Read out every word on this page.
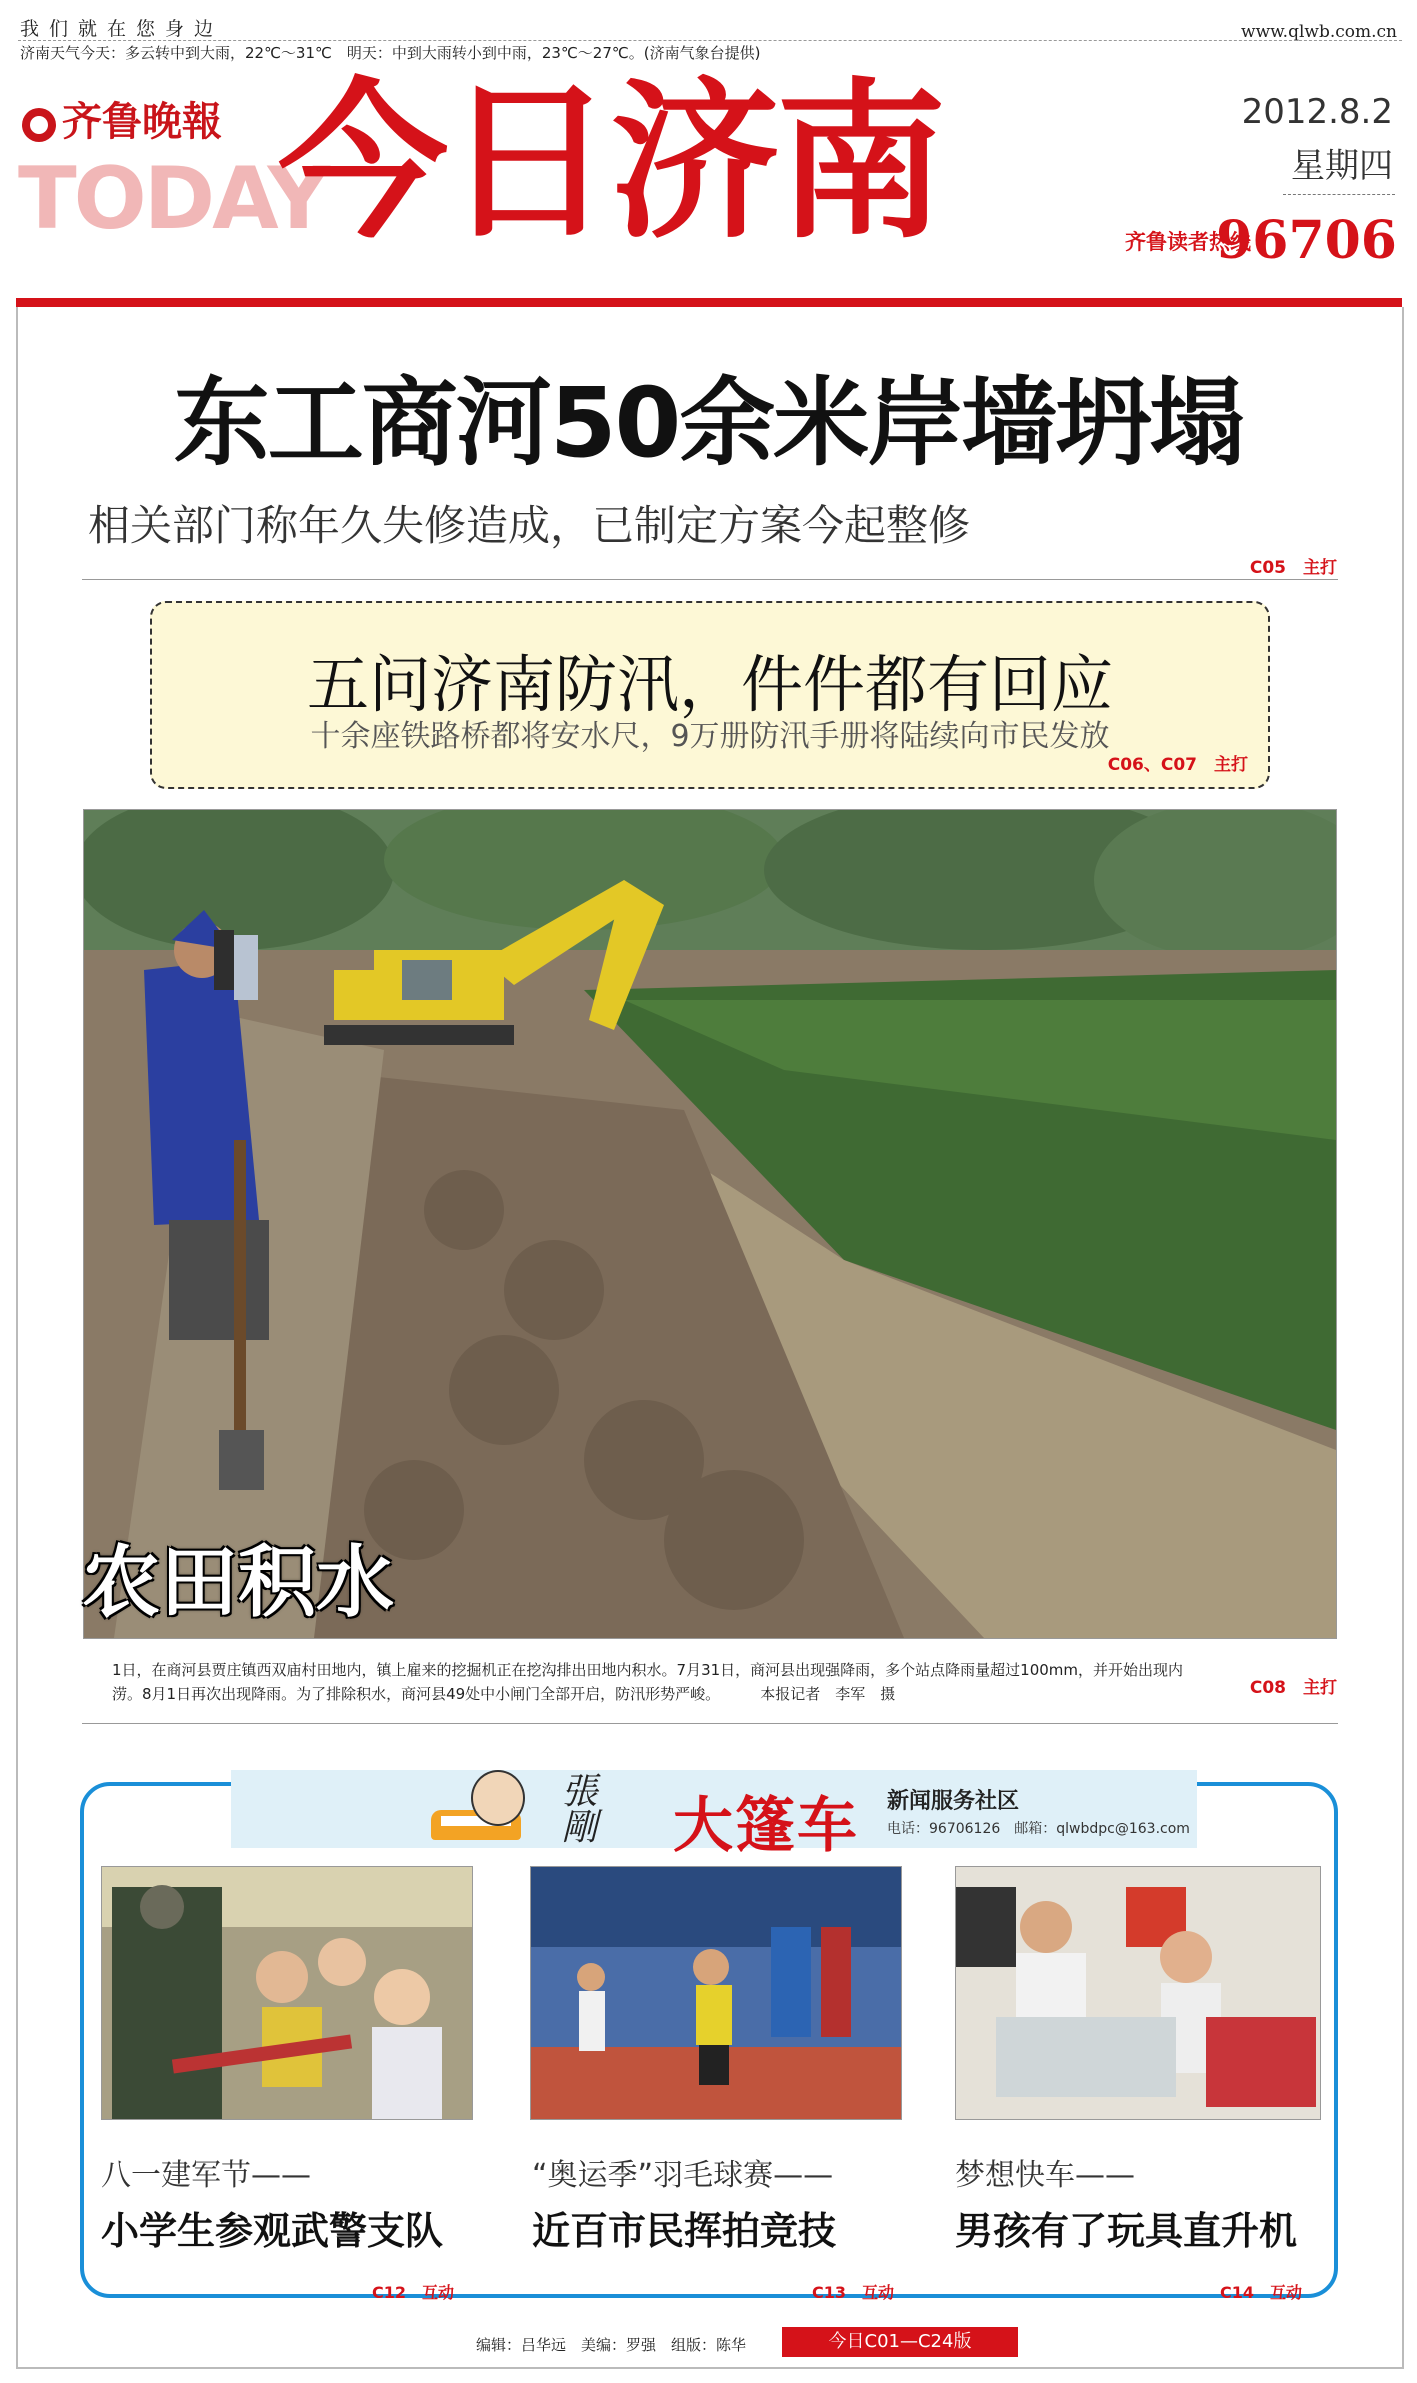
我们就在您身边	www.qlwb.com.cn
济南天气今天：多云转中到大雨，22℃～31℃　明天：中到大雨转小到中雨，23℃～27℃。(济南气象台提供)
齐鲁晚報
TODAY
今日济南	2012.8.2
星期四
齐鲁读者热线
96706
东工商河50余米岸墙坍塌
相关部门称年久失修造成，已制定方案今起整修
C05　主打
五问济南防汛，件件都有回应
十余座铁路桥都将安水尺，9万册防汛手册将陆续向市民发放
C06、C07　主打
农田积水
1日，在商河县贾庄镇西双庙村田地内，镇上雇来的挖掘机正在挖沟排出田地内积水。7月31日，商河县出现强降雨，多个站点降雨量超过100mm，并开始出现内涝。8月1日再次出现降雨。为了排除积水，商河县49处中小闸门全部开启，防汛形势严峻。	本报记者　李军　摄	C08　主打
張剛 大篷车 新闻服务社区
电话：96706126　邮箱：qlwbdpc@163.com
八一建军节——
小学生参观武警支队
C12　互动
“奥运季”羽毛球赛——
近百市民挥拍竞技
C13　互动
梦想快车——
男孩有了玩具直升机
C14　互动
编辑：吕华远　美编：罗强　组版：陈华	今日C01—C24版
